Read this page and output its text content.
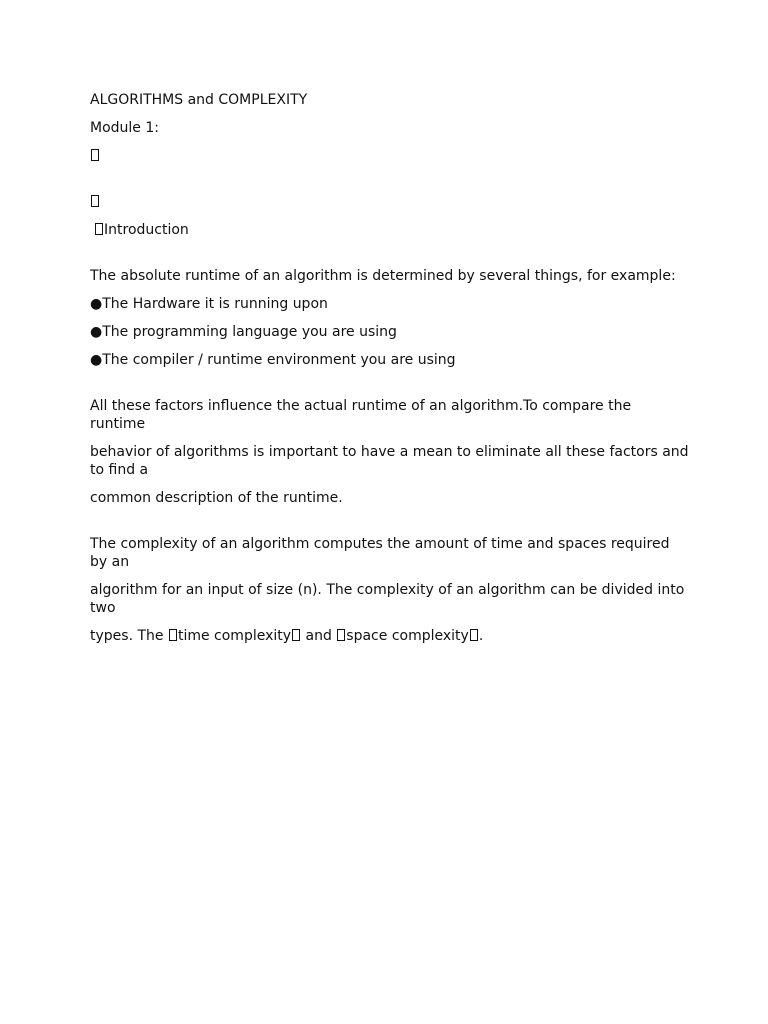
ALGORITHMS and COMPLEXITY
Module 1:
Introduction
The absolute runtime of an algorithm is determined by several things, for example:
●The Hardware it is running upon
●The programming language you are using
●The compiler / runtime environment you are using
All these factors influence the actual runtime of an algorithm.To compare the runtime
behavior of algorithms is important to have a mean to eliminate all these factors and to find a
common description of the runtime.
The complexity of an algorithm computes the amount of time and spaces required by an
algorithm for an input of size (n). The complexity of an algorithm can be divided into two
types. The time complexity and space complexity .
